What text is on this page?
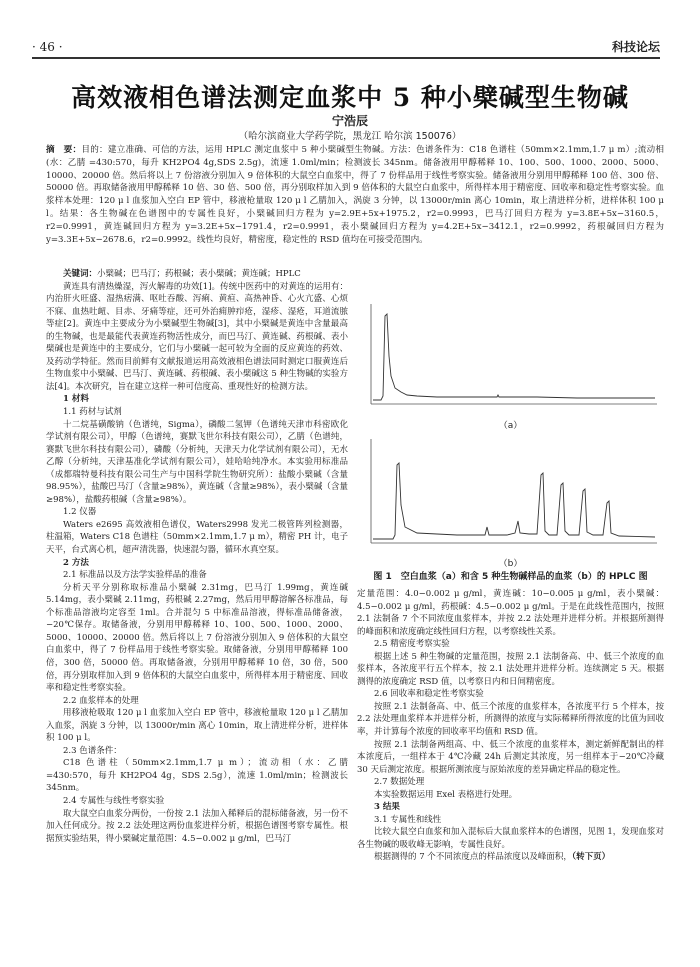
· 46 ·	科技论坛
高效液相色谱法测定血浆中 5 种小檗碱型生物碱
宁浩辰
（哈尔滨商业大学药学院，黑龙江 哈尔滨 150076）
摘　要：目的：建立准确、可信的方法，运用 HPLC 测定血浆中 5 种小檗碱型生物碱。方法：色谱条件为：C18 色谱柱（50mm×2.1mm,1.7 μ m）;流动相(水：乙腈 =430:570，每升 KH2PO4 4g,SDS 2.5g)，流速 1.0ml/min；检测波长 345nm。储备液用甲醇稀释 10、100、500、1000、2000、5000、10000、20000 倍。然后将以上 7 份溶液分别加入 9 倍体积的大鼠空白血浆中，得了 7 份样品用于线性考察实验。储备液用分别用甲醇稀释 100 倍、300 倍、50000 倍。再取储备液用甲醇稀释 10 倍、30 倍、500 倍，再分别取样加入到 9 倍体积的大鼠空白血浆中，所得样本用于精密度、回收率和稳定性考察实验。血浆样本处理：120 μ l 血浆加入空白 EP 管中，移液枪量取 120 μ l 乙腈加入，涡旋 3 分钟，以 13000r/min 离心 10min，取上清进样分析，进样体积 100 μ l。结果：各生物碱在色谱图中的专属性良好，小檗碱回归方程为 y=2.9E+5x+1975.2，r2=0.9993，巴马汀回归方程为 y=3.8E+5x−3160.5，r2=0.9991，黄连碱回归方程为 y=3.2E+5x−1791.4，r2=0.9991，表小檗碱回归方程为 y=4.2E+5x−3412.1，r2=0.9992，药根碱回归方程为 y=3.3E+5x−2678.6，r2=0.9992。线性均良好，精密度，稳定性的 RSD 值均在可接受范围内。

关键词：小檗碱；巴马汀；药根碱；表小檗碱；黄连碱；HPLC

黄连具有清热燥湿，泻火解毒的功效[1]。传统中医药中的对黄连的运用有：内治肝火旺盛、湿热痞满、呕吐吞酸、泻痢、黄疸、高热神昏、心火亢盛、心烦不寐、血热吐衄、目赤、牙痛等症，还可外治痈肿疖疮，湿疹、湿疮，耳道流脓等症[2]。黄连中主要成分为小檗碱型生物碱[3]，其中小檗碱是黄连中含量最高的生物碱，也是最能代表黄连药物活性成分，而巴马汀、黄连碱、药根碱、表小檗碱也是黄连中的主要成分，它们与小檗碱一起可较为全面的反应黄连的药效、及药动学特征。然而目前鲜有文献报道运用高效液相色谱法同时测定口服黄连后生物血浆中小檗碱、巴马汀、黄连碱、药根碱、表小檗碱这 5 种生物碱的实验方法[4]。本次研究，旨在建立这样一种可信度高、重现性好的检测方法。

1 材料

1.1 药材与试剂

十二烷基磺酸钠（色谱纯，Sigma），磷酸二氢钾（色谱纯天津市科密欧化学试剂有限公司），甲醇（色谱纯，赛默飞世尔科技有限公司），乙腈（色谱纯，赛默飞世尔科技有限公司），磷酸（分析纯，天津天力化学试剂有限公司），无水乙醇（分析纯，天津基准化学试剂有限公司），娃哈哈纯净水。本实验用标准品（成都瑞特曼科技有限公司生产与中国科学院生物研究所）：盐酸小檗碱（含量 98.95%），盐酸巴马汀（含量≥98%），黄连碱（含量≥98%），表小檗碱（含量≥98%），盐酸药根碱（含量≥98%）。

1.2 仪器

Waters e2695 高效液相色谱仪，Waters2998 发光二极管阵列检测器，柱温箱，Waters C18 色谱柱（50mm×2.1mm,1.7 μ m），精密 PH 计，电子天平，台式离心机，超声清洗器，快速混匀器，循环水真空泵。

2 方法

2.1 标准品以及方法学实验样品的准备

分析天平分别称取标准品小檗碱 2.31mg，巴马汀 1.99mg，黄连碱 5.14mg，表小檗碱 2.11mg，药根碱 2.27mg，然后用甲醇溶解各标准品，每个标准品溶液均定容至 1ml。合并混匀 5 中标准品溶液，得标准品储备液，−20℃保存。取储备液，分别用甲醇稀释 10、100、500、1000、2000、5000、10000、20000 倍。然后将以上 7 份溶液分别加入 9 倍体积的大鼠空白血浆中，得了 7 份样品用于线性考察实验。取储备液，分别用甲醇稀释 100 倍，300 倍，50000 倍。再取储备液，分别用甲醇稀释 10 倍，30 倍，500 倍，再分别取样加入到 9 倍体积的大鼠空白血浆中，所得样本用于精密度、回收率和稳定性考察实验。

2.2 血浆样本的处理

用移液枪吸取 120 μ l 血浆加入空白 EP 管中，移液枪量取 120 μ l 乙腈加入血浆，涡旋 3 分钟，以 13000r/min 离心 10min，取上清进样分析，进样体积 100 μ l。

2.3 色谱条件：

C18 色谱柱（50mm×2.1mm,1.7 μ m）；流动相（水：乙腈 =430:570，每升 KH2PO4 4g，SDS 2.5g），流速 1.0ml/min；检测波长 345nm。

2.4 专属性与线性考察实验

取大鼠空白血浆分两份，一份按 2.1 法加入稀释后的混标储备液，另一份不加入任何成分。按 2.2 法处理这两份血浆进样分析，根据色谱图考察专属性。根据预实验结果，得小檗碱定量范围：4.5−0.002 μ g/ml，巴马汀

（a）
（b）
图 1　空白血浆（a）和含 5 种生物碱样品的血浆（b）的 HPLC 图

定量范围：4.0−0.002 μ g/ml，黄连碱：10−0.005 μ g/ml，表小檗碱：4.5−0.002 μ g/ml，药根碱：4.5−0.002 μ g/ml。于是在此线性范围内，按照 2.1 法制备 7 个不同浓度血浆样本，并按 2.2 法处理并进样分析。并根据所测得的峰面积和浓度确定线性回归方程，以考察线性关系。

2.5 精密度考察实验

根据上述 5 种生物碱的定量范围，按照 2.1 法制备高、中、低三个浓度的血浆样本，各浓度平行五个样本，按 2.1 法处理并进样分析。连续测定 5 天。根据测得的浓度确定 RSD 值，以考察日内和日间精密度。

2.6 回收率和稳定性考察实验

按照 2.1 法制备高、中、低三个浓度的血浆样本，各浓度平行 5 个样本，按 2.2 法处理血浆样本并进样分析，所测得的浓度与实际稀释所得浓度的比值为回收率，并计算每个浓度的回收率平均值和 RSD 值。

按照 2.1 法制备两组高、中、低三个浓度的血浆样本，测定新鲜配制出的样本浓度后，一组样本于 4℃冷藏 24h 后测定其浓度，另一组样本于−20℃冷藏 30 天后测定浓度。根据所测浓度与原始浓度的差异确定样品的稳定性。

2.7 数据处理

本实验数据运用 Exel 表格进行处理。

3 结果

3.1 专属性和线性

比较大鼠空白血浆和加入混标后大鼠血浆样本的色谱图，见图 1，发现血浆对各生物碱的吸收峰无影响，专属性良好。

根据测得的 7 个不同浓度点的样品浓度以及峰面积，（转下页）
